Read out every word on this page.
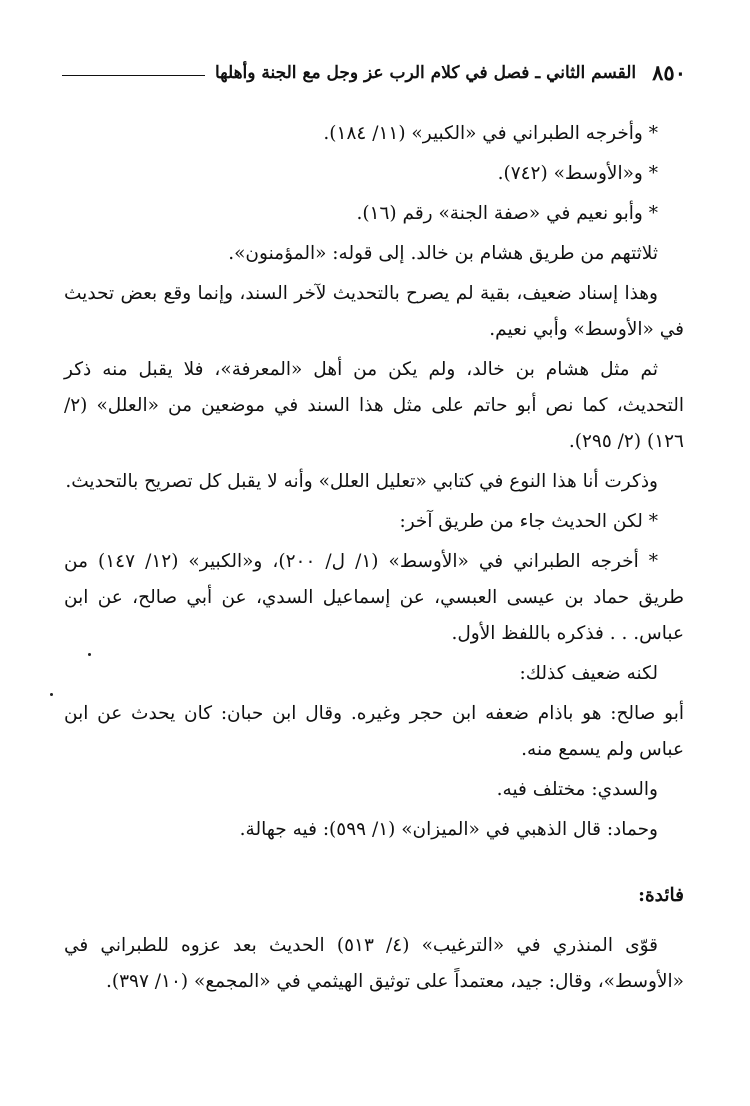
٨٥٠
القسم الثاني ـ فصل في كلام الرب عز وجل مع الجنة وأهلها

* وأخرجه الطبراني في «الكبير» (١١/ ١٨٤).

* و«الأوسط» (٧٤٢).

* وأبو نعيم في «صفة الجنة» رقم (١٦).

ثلاثتهم من طريق هشام بن خالد. إلى قوله: «المؤمنون».

وهذا إسناد ضعيف، بقية لم يصرح بالتحديث لآخر السند، وإنما وقع بعض تحديث في «الأوسط» وأبي نعيم.

ثم مثل هشام بن خالد، ولم يكن من أهل «المعرفة»، فلا يقبل منه ذكر التحديث، كما نص أبو حاتم على مثل هذا السند في موضعين من «العلل» (٢/ ١٢٦) (٢/ ٢٩٥).

وذكرت أنا هذا النوع في كتابي «تعليل العلل» وأنه لا يقبل كل تصريح بالتحديث.

* لكن الحديث جاء من طريق آخر:

* أخرجه الطبراني في «الأوسط» (١/ ل/ ٢٠٠)، و«الكبير» (١٢/ ١٤٧) من طريق حماد بن عيسى العبسي، عن إسماعيل السدي، عن أبي صالح، عن ابن عباس. . . فذكره باللفظ الأول.

لكنه ضعيف كذلك:

أبو صالح: هو باذام ضعفه ابن حجر وغيره. وقال ابن حبان: كان يحدث عن ابن عباس ولم يسمع منه.

والسدي: مختلف فيه.

وحماد: قال الذهبي في «الميزان» (١/ ٥٩٩): فيه جهالة.

فائدة:

قوّى المنذري في «الترغيب» (٤/ ٥١٣) الحديث بعد عزوه للطبراني في «الأوسط»، وقال: جيد، معتمداً على توثيق الهيثمي في «المجمع» (١٠/ ٣٩٧).
